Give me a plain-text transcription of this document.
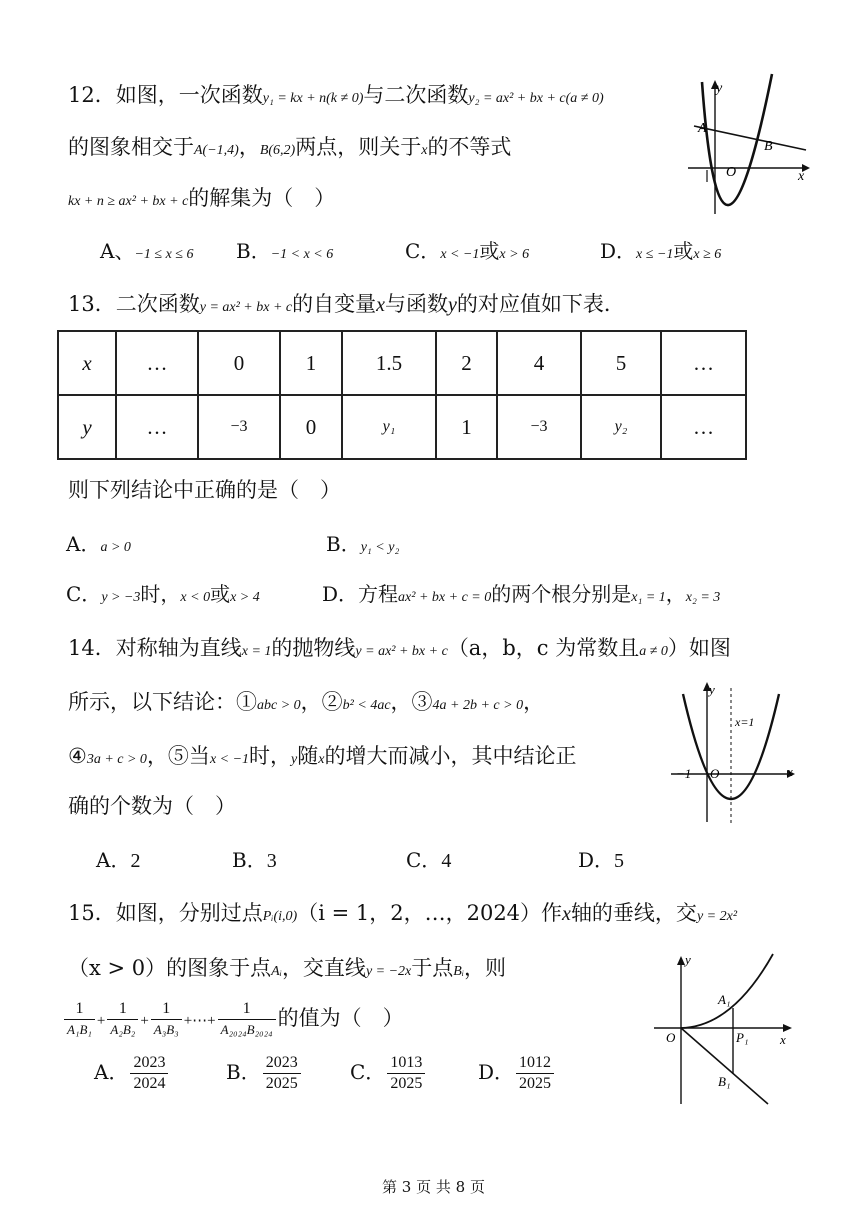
12．如图，一次函数y₁ = kx + n(k ≠ 0)与二次函数y₂ = ax² + bx + c(a ≠ 0)
的图象相交于A(−1,4)，B(6,2)两点，则关于x的不等式
kx + n ≥ ax² + bx + c的解集为（　）
A、−1 ≤ x ≤ 6 B．−1 < x < 6	C．x < −1或x > 6	D．x ≤ −1或x ≥ 6
y
A
B
O	x
13．二次函数y = ax² + bx + c的自变量x与函数y的对应值如下表．
x	…	0	1	1.5	2	4	5	…
y	…	−3	0	y₁	1	−3	y₂	…
则下列结论中正确的是（　）
A．a > 0	B．y₁ < y₂
C．y > −3时，x < 0或x > 4	D．方程ax² + bx + c = 0的两个根分别是x₁ = 1，x₂ = 3
14．对称轴为直线x = 1的抛物线y = ax² + bx + c（a，b，c 为常数且a ≠ 0）如图
所示，以下结论：①abc > 0，②b² < 4ac，③4a + 2b + c > 0，
④3a + c > 0，⑤当x < −1时，y随x的增大而减小，其中结论正
确的个数为（　）
A．2	B．3	C．4	D．5
y
x=1
−1 O	x
15．如图，分别过点Pᵢ(i,0)（i = 1，2，…，2024）作x轴的垂线，交y = 2x²
（x > 0）的图象于点Aᵢ，交直线y = −2x于点Bᵢ，则
$\frac{1}{\text{A₁B₁}} + \frac{1}{\text{A₂B₂}} + \frac{1}{\text{A₃B₃}}$ +⋯+ $\frac{1}{\text{A₂₀₂₄B₂₀₂₄}}$ 的值为（　）
A． $\frac{2023}{2024}$	B． $\frac{2023}{2025}$ C． $\frac{1013}{2025}$	D． $\frac{1012}{2025}$
y
A₁
O	P₁ x
B₁
第 3 页 共 8 页
